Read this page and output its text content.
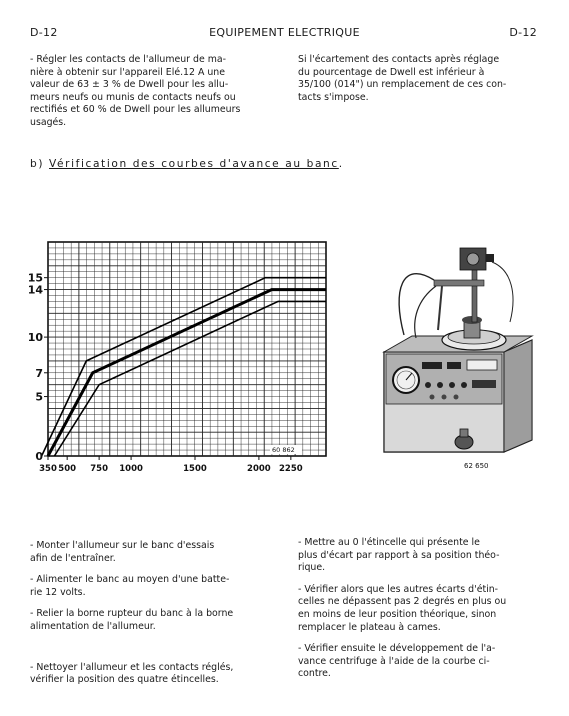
D-12	EQUIPEMENT ELECTRIQUE	D-12
- Régler les contacts de l'allumeur de ma-
nière à obtenir sur l'appareil Elé.12 A une
valeur de 63 ± 3 % de Dwell pour les allu-
meurs neufs ou munis de contacts neufs ou
rectifiés et 60 % de Dwell pour les allumeurs
usagés.
Si l'écartement des contacts après réglage
du pourcentage de Dwell est inférieur à
35/100 (014") un remplacement de ces con-
tacts s'impose.
b) Vérification des courbes d'avance au banc.
60 862
0
5
7
10
14
15
350 500 750 1000	1500	2000 2250	62 650
- Monter l'allumeur sur le banc d'essais
afin de l'entraîner.
- Alimenter le banc au moyen d'une batte-
rie 12 volts.
- Relier la borne rupteur du banc à la borne
alimentation de l'allumeur.
- Nettoyer l'allumeur et les contacts réglés,
vérifier la position des quatre étincelles.
- Mettre au 0 l'étincelle qui présente le
plus d'écart par rapport à sa position théo-
rique.
- Vérifier alors que les autres écarts d'étin-
celles ne dépassent pas 2 degrés en plus ou
en moins de leur position théorique, sinon
remplacer le plateau à cames.
- Vérifier ensuite le développement de l'a-
vance centrifuge à l'aide de la courbe ci-
contre.
